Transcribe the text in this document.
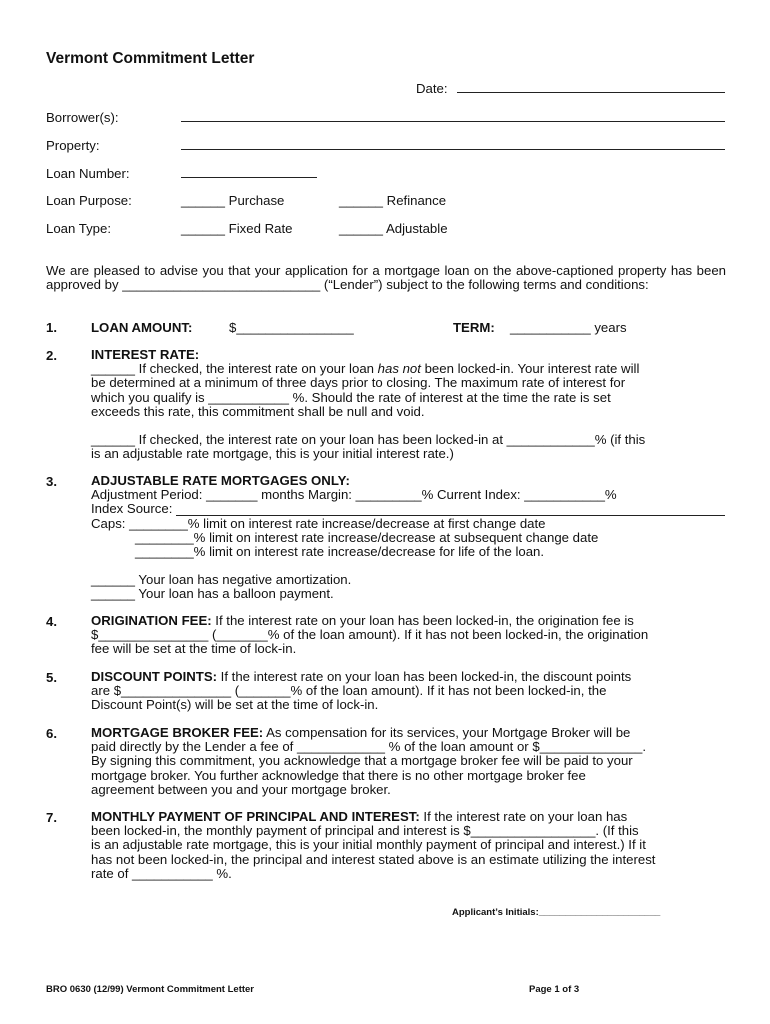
Vermont Commitment Letter
Date:
Borrower(s):
Property:
Loan Number:
Loan Purpose:	______ Purchase	______ Refinance
Loan Type:	______ Fixed Rate	______ Adjustable
We are pleased to advise you that your application for a mortgage loan on the above-captioned property has been approved by ___________________________ (“Lender”) subject to the following terms and conditions:
1.	LOAN AMOUNT:	$________________	TERM: ___________ years
2.	INTEREST RATE:
______ If checked, the interest rate on your loan has not been locked-in. Your interest rate will
be determined at a minimum of three days prior to closing. The maximum rate of interest for
which you qualify is ___________ %. Should the rate of interest at the time the rate is set
exceeds this rate, this commitment shall be null and void.
______ If checked, the interest rate on your loan has been locked-in at ____________% (if this
is an adjustable rate mortgage, this is your initial interest rate.)
3.	ADJUSTABLE RATE MORTGAGES ONLY:
Adjustment Period: _______ months Margin: _________% Current Index: ___________%
Index Source:
Caps: ________% limit on interest rate increase/decrease at first change date
________% limit on interest rate increase/decrease at subsequent change date
________% limit on interest rate increase/decrease for life of the loan.
______ Your loan has negative amortization.
______ Your loan has a balloon payment.
4.	ORIGINATION FEE: If the interest rate on your loan has been locked-in, the origination fee is
$_______________ (_______% of the loan amount). If it has not been locked-in, the origination
fee will be set at the time of lock-in.
5.	DISCOUNT POINTS: If the interest rate on your loan has been locked-in, the discount points
are $_______________ (_______% of the loan amount). If it has not been locked-in, the
Discount Point(s) will be set at the time of lock-in.
6.	MORTGAGE BROKER FEE: As compensation for its services, your Mortgage Broker will be
paid directly by the Lender a fee of ____________ % of the loan amount or $______________.
By signing this commitment, you acknowledge that a mortgage broker fee will be paid to your
mortgage broker. You further acknowledge that there is no other mortgage broker fee
agreement between you and your mortgage broker.
7.	MONTHLY PAYMENT OF PRINCIPAL AND INTEREST: If the interest rate on your loan has
been locked-in, the monthly payment of principal and interest is $_________________. (If this
is an adjustable rate mortgage, this is your initial monthly payment of principal and interest.) If it
has not been locked-in, the principal and interest stated above is an estimate utilizing the interest
rate of ___________ %.
Applicant’s Initials:_______________________
BRO 0630 (12/99) Vermont Commitment Letter	Page 1 of 3
